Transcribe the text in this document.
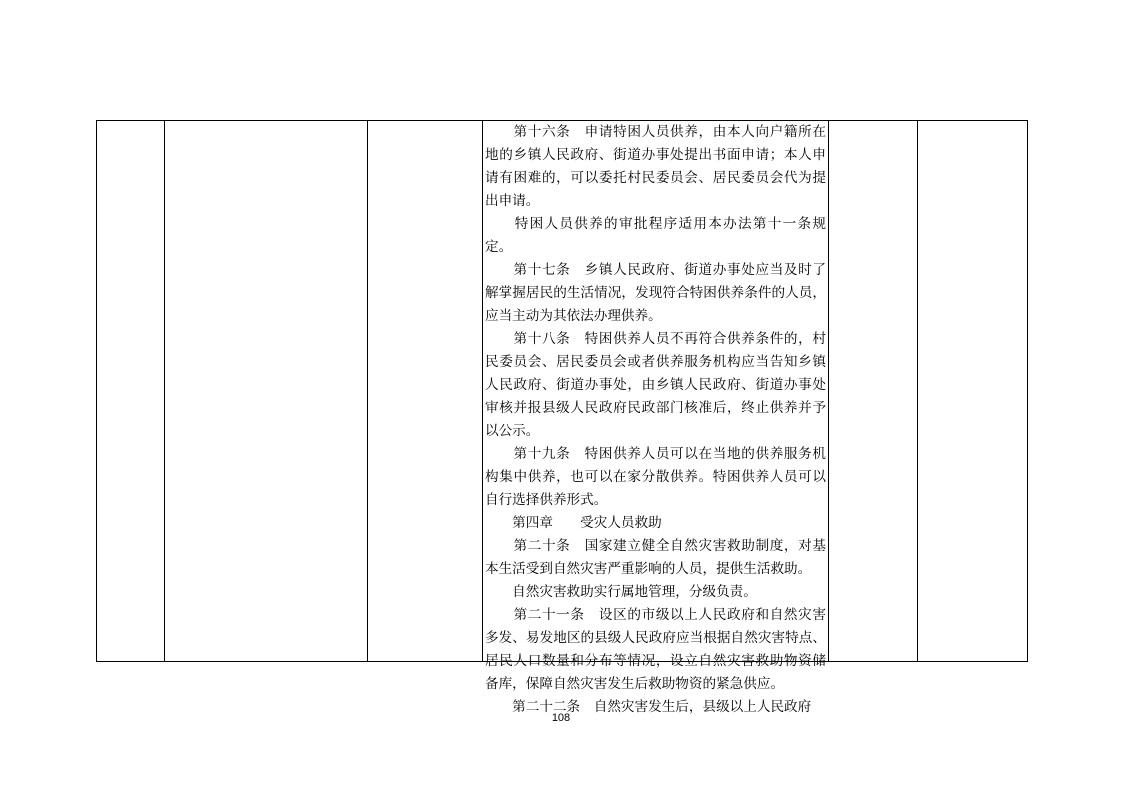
　　第十六条　申请特困人员供养，由本人向户籍所在
地的乡镇人民政府、街道办事处提出书面申请；本人申
请有困难的，可以委托村民委员会、居民委员会代为提
出申请。

　　特困人员供养的审批程序适用本办法第十一条规
定。

　　第十七条　乡镇人民政府、街道办事处应当及时了
解掌握居民的生活情况，发现符合特困供养条件的人员，
应当主动为其依法办理供养。

　　第十八条　特困供养人员不再符合供养条件的，村
民委员会、居民委员会或者供养服务机构应当告知乡镇
人民政府、街道办事处，由乡镇人民政府、街道办事处
审核并报县级人民政府民政部门核准后，终止供养并予
以公示。

　　第十九条　特困供养人员可以在当地的供养服务机
构集中供养，也可以在家分散供养。特困供养人员可以
自行选择供养形式。

　　第四章　　受灾人员救助

　　第二十条　国家建立健全自然灾害救助制度，对基
本生活受到自然灾害严重影响的人员，提供生活救助。

　　自然灾害救助实行属地管理，分级负责。

　　第二十一条　设区的市级以上人民政府和自然灾害
多发、易发地区的县级人民政府应当根据自然灾害特点、
居民人口数量和分布等情况，设立自然灾害救助物资储
备库，保障自然灾害发生后救助物资的紧急供应。

　　第二十二条　自然灾害发生后，县级以上人民政府

108
